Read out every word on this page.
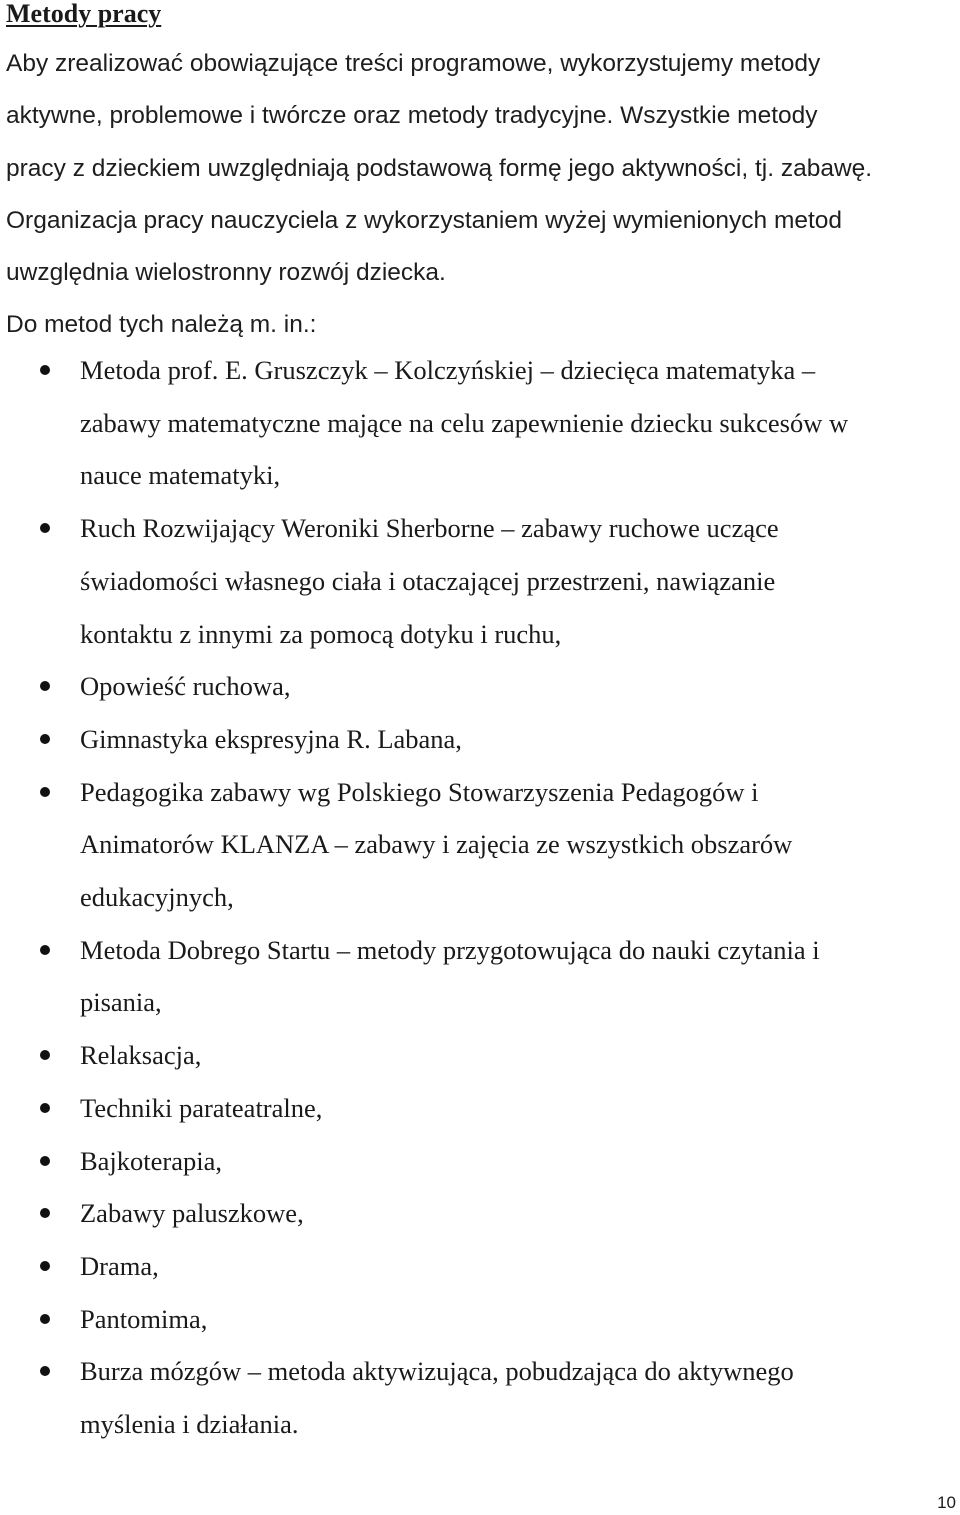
Metody pracy

Aby zrealizować obowiązujące treści programowe, wykorzystujemy metody
aktywne, problemowe i twórcze oraz metody tradycyjne. Wszystkie metody
pracy z dzieckiem uwzględniają podstawową formę jego aktywności, tj. zabawę.
Organizacja pracy nauczyciela z wykorzystaniem wyżej wymienionych metod
uwzględnia wielostronny rozwój dziecka.
Do metod tych należą m. in.:

Metoda prof. E. Gruszczyk – Kolczyńskiej – dziecięca matematyka –
zabawy matematyczne mające na celu zapewnienie dziecku sukcesów w
nauce matematyki,
Ruch Rozwijający Weroniki Sherborne – zabawy ruchowe uczące
świadomości własnego ciała i otaczającej przestrzeni, nawiązanie
kontaktu z innymi za pomocą dotyku i ruchu,
Opowieść ruchowa,
Gimnastyka ekspresyjna R. Labana,
Pedagogika zabawy wg Polskiego Stowarzyszenia Pedagogów i
Animatorów KLANZA – zabawy i zajęcia ze wszystkich obszarów
edukacyjnych,
Metoda Dobrego Startu – metody przygotowująca do nauki czytania i
pisania,
Relaksacja,
Techniki parateatralne,
Bajkoterapia,
Zabawy paluszkowe,
Drama,
Pantomima,
Burza mózgów – metoda aktywizująca, pobudzająca do aktywnego
myślenia i działania.
10
